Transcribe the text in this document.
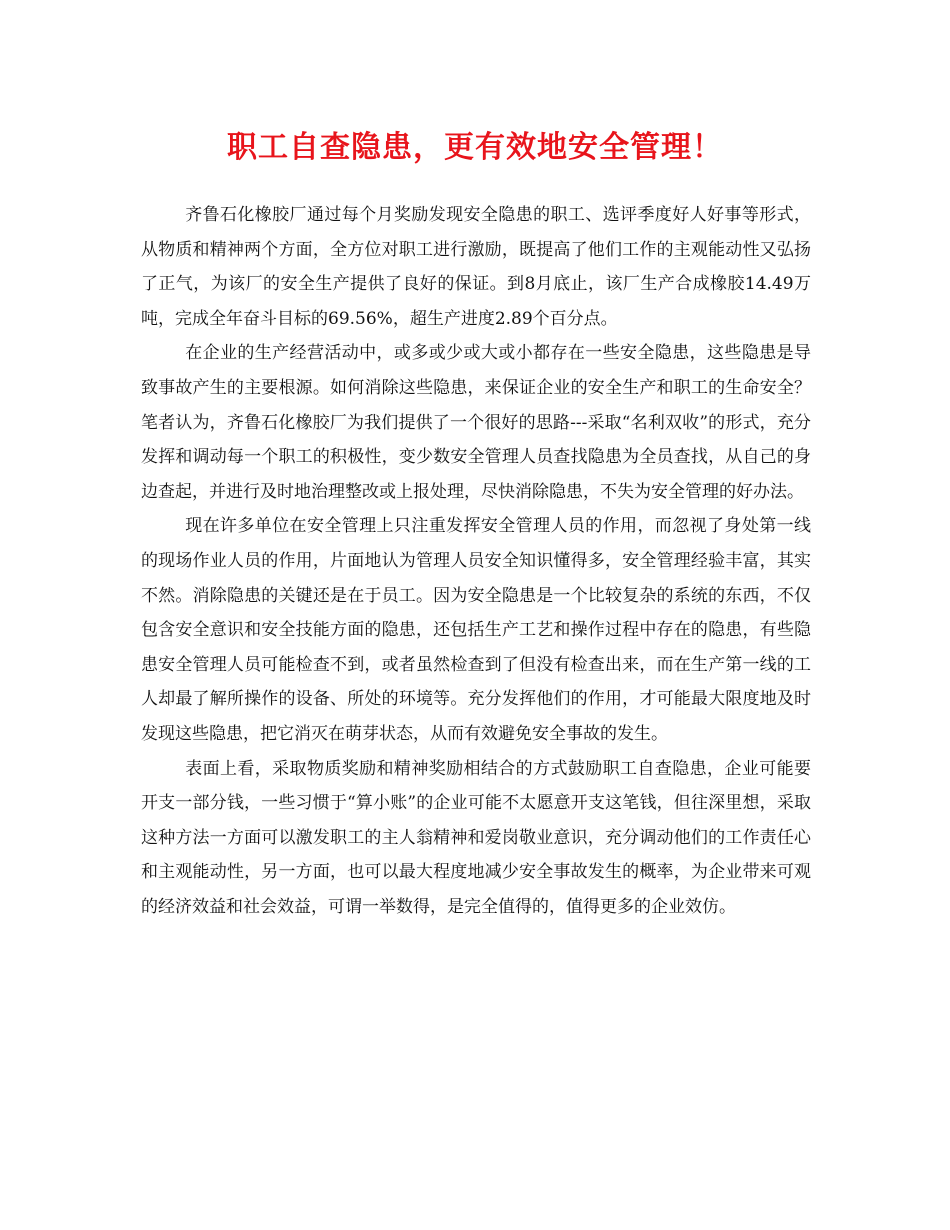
职工自查隐患，更有效地安全管理！

齐鲁石化橡胶厂通过每个月奖励发现安全隐患的职工、选评季度好人好事等形式，从物质和精神两个方面，全方位对职工进行激励，既提高了他们工作的主观能动性又弘扬了正气，为该厂的安全生产提供了良好的保证。到8月底止，该厂生产合成橡胶14.49万吨，完成全年奋斗目标的69.56%，超生产进度2.89个百分点。

在企业的生产经营活动中，或多或少或大或小都存在一些安全隐患，这些隐患是导致事故产生的主要根源。如何消除这些隐患，来保证企业的安全生产和职工的生命安全？笔者认为，齐鲁石化橡胶厂为我们提供了一个很好的思路---采取“名利双收”的形式，充分发挥和调动每一个职工的积极性，变少数安全管理人员查找隐患为全员查找，从自己的身边查起，并进行及时地治理整改或上报处理，尽快消除隐患，不失为安全管理的好办法。

现在许多单位在安全管理上只注重发挥安全管理人员的作用，而忽视了身处第一线的现场作业人员的作用，片面地认为管理人员安全知识懂得多，安全管理经验丰富，其实不然。消除隐患的关键还是在于员工。因为安全隐患是一个比较复杂的系统的东西，不仅包含安全意识和安全技能方面的隐患，还包括生产工艺和操作过程中存在的隐患，有些隐患安全管理人员可能检查不到，或者虽然检查到了但没有检查出来，而在生产第一线的工人却最了解所操作的设备、所处的环境等。充分发挥他们的作用，才可能最大限度地及时发现这些隐患，把它消灭在萌芽状态，从而有效避免安全事故的发生。

表面上看，采取物质奖励和精神奖励相结合的方式鼓励职工自查隐患，企业可能要开支一部分钱，一些习惯于“算小账”的企业可能不太愿意开支这笔钱，但往深里想，采取这种方法一方面可以激发职工的主人翁精神和爱岗敬业意识，充分调动他们的工作责任心和主观能动性，另一方面，也可以最大程度地减少安全事故发生的概率，为企业带来可观的经济效益和社会效益，可谓一举数得，是完全值得的，值得更多的企业效仿。
